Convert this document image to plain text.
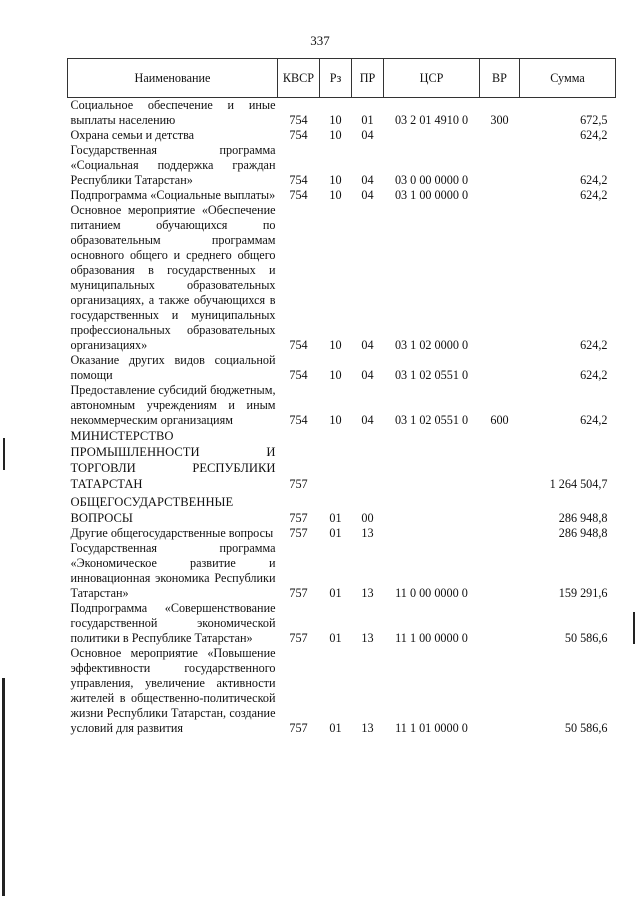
337
Наименование	КВСР	Рз	ПР	ЦСР	ВР	Сумма
Социальное обеспечение и иные выплаты населению	754	10	01	03 2 01 4910 0	300	672,5
Охрана семьи и детства	754	10	04			624,2
Государственная программа «Социальная поддержка граждан Республики Татарстан»	754	10	04	03 0 00 0000 0		624,2
Подпрограмма «Социальные выплаты»	754	10	04	03 1 00 0000 0		624,2
Основное мероприятие «Обеспечение питанием обучающихся по образовательным программам основного общего и среднего общего образования в государственных и муниципальных образовательных организациях, а также обучающихся в государственных и муниципальных профессиональных образовательных организациях»	754	10	04	03 1 02 0000 0		624,2
Оказание других видов социальной помощи	754	10	04	03 1 02 0551 0		624,2
Предоставление субсидий бюджетным, автономным учреждениям и иным некоммерческим организациям	754	10	04	03 1 02 0551 0	600	624,2
МИНИСТЕРСТВО ПРОМЫШЛЕННОСТИ И ТОРГОВЛИ РЕСПУБЛИКИ ТАТАРСТАН	757					1 264 504,7
ОБЩЕГОСУДАРСТВЕННЫЕ ВОПРОСЫ	757	01	00			286 948,8
Другие общегосударственные вопросы	757	01	13			286 948,8
Государственная программа «Экономическое развитие и инновационная экономика Республики Татарстан»	757	01	13	11 0 00 0000 0		159 291,6
Подпрограмма «Совершенствование государственной экономической политики в Республике Татарстан»	757	01	13	11 1 00 0000 0		50 586,6
Основное мероприятие «Повышение эффективности государственного управления, увеличение активности жителей в общественно-политической жизни Республики Татарстан, создание условий для развития	757	01	13	11 1 01 0000 0		50 586,6
